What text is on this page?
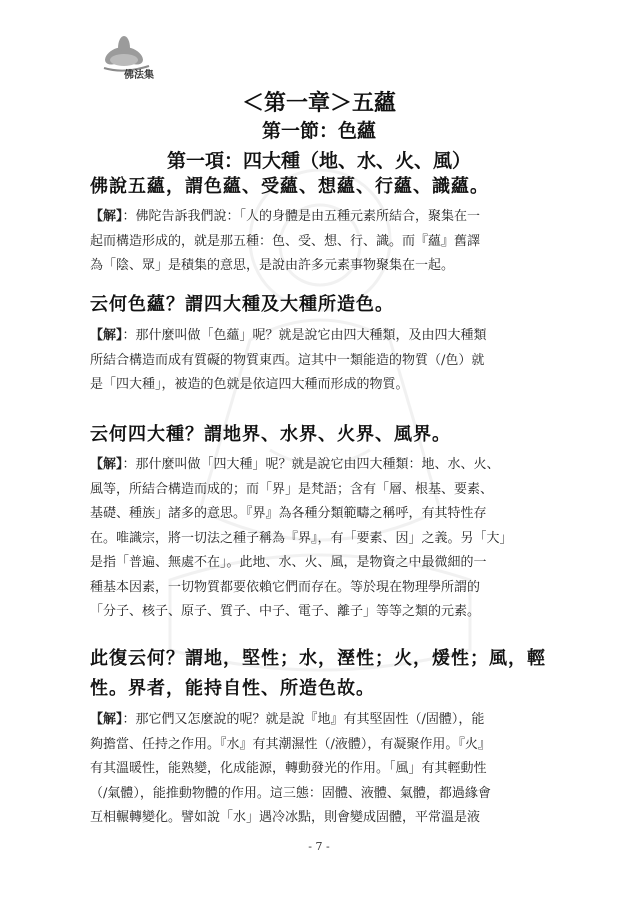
佛法集
＜第一章＞五蘊
第一節：色蘊
第一項：四大種（地、水、火、風）
佛說五蘊，謂色蘊、受蘊、想蘊、行蘊、識蘊。
【解】：佛陀告訴我們說：「人的身體是由五種元素所結合，聚集在一
起而構造形成的，就是那五種：色、受、想、行、識。而『蘊』舊譯
為「陰、眾」是積集的意思，是說由許多元素事物聚集在一起。
云何色蘊？謂四大種及大種所造色。
【解】：那什麼叫做「色蘊」呢？就是說它由四大種類，及由四大種類
所結合構造而成有質礙的物質東西。這其中一類能造的物質（/色）就
是「四大種」，被造的色就是依這四大種而形成的物質。
云何四大種？謂地界、水界、火界、風界。
【解】：那什麼叫做「四大種」呢？就是說它由四大種類：地、水、火、
風等，所結合構造而成的；而「界」是梵語；含有「層、根基、要素、
基礎、種族」諸多的意思。『界』為各種分類範疇之稱呼，有其特性存
在。唯識宗，將一切法之種子稱為『界』，有「要素、因」之義。另「大」
是指「普遍、無處不在」。此地、水、火、風，是物資之中最微細的一
種基本因素，一切物質都要依賴它們而存在。等於現在物理學所謂的
「分子、核子、原子、質子、中子、電子、離子」等等之類的元素。
此復云何？謂地，堅性；水，溼性；火，煖性；風，輕
性。界者，能持自性、所造色故。
【解】：那它們又怎麼說的呢？就是說『地』有其堅固性（/固體），能
夠擔當、任持之作用。『水』有其潮濕性（/液體），有凝聚作用。『火』
有其溫暖性，能熟變，化成能源，轉動發光的作用。「風」有其輕動性
（/氣體），能推動物體的作用。這三態：固體、液體、氣體，都過緣會
互相輾轉變化。譬如說「水」遇冷冰點，則會變成固體，平常溫是液
- 7 -
